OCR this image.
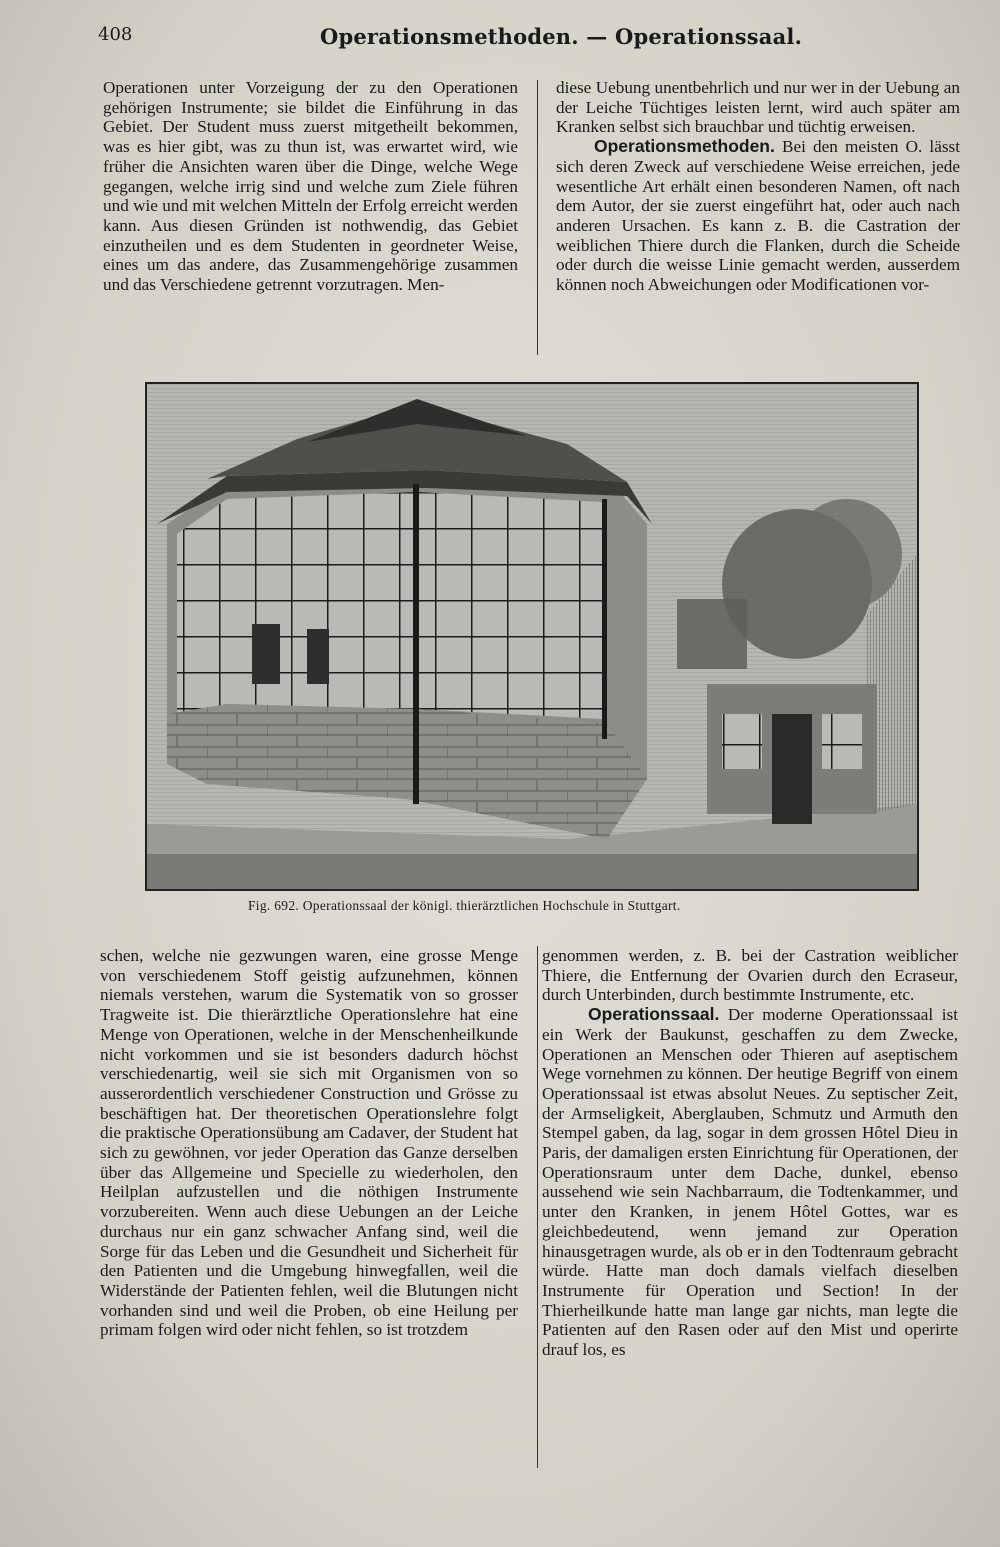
408	Operationsmethoden. — Operationssaal.

Operationen unter Vorzeigung der zu den Operationen gehörigen Instrumente; sie bildet die Einführung in das Gebiet. Der Student muss zuerst mitgetheilt bekommen, was es hier gibt, was zu thun ist, was erwartet wird, wie früher die Ansichten waren über die Dinge, welche Wege gegangen, welche irrig sind und welche zum Ziele führen und wie und mit welchen Mitteln der Erfolg erreicht werden kann. Aus diesen Gründen ist nothwendig, das Gebiet einzutheilen und es dem Studenten in geordneter Weise, eines um das andere, das Zusammengehörige zusammen und das Verschiedene getrennt vorzutragen. Men-

diese Uebung unentbehrlich und nur wer in der Uebung an der Leiche Tüchtiges leisten lernt, wird auch später am Kranken selbst sich brauchbar und tüchtig erweisen.

Operationsmethoden. Bei den meisten O. lässt sich deren Zweck auf verschiedene Weise erreichen, jede wesentliche Art erhält einen besonderen Namen, oft nach dem Autor, der sie zuerst eingeführt hat, oder auch nach anderen Ursachen. Es kann z. B. die Castration der weiblichen Thiere durch die Flanken, durch die Scheide oder durch die weisse Linie gemacht werden, ausserdem können noch Abweichungen oder Modificationen vor-

Fig. 692. Operationssaal der königl. thierärztlichen Hochschule in Stuttgart.

schen, welche nie gezwungen waren, eine grosse Menge von verschiedenem Stoff geistig aufzunehmen, können niemals verstehen, warum die Systematik von so grosser Tragweite ist. Die thierärztliche Operationslehre hat eine Menge von Operationen, welche in der Menschenheilkunde nicht vorkommen und sie ist besonders dadurch höchst verschiedenartig, weil sie sich mit Organismen von so ausserordentlich verschiedener Construction und Grösse zu beschäftigen hat. Der theoretischen Operationslehre folgt die praktische Operationsübung am Cadaver, der Student hat sich zu gewöhnen, vor jeder Operation das Ganze derselben über das Allgemeine und Specielle zu wiederholen, den Heilplan aufzustellen und die nöthigen Instrumente vorzubereiten. Wenn auch diese Uebungen an der Leiche durchaus nur ein ganz schwacher Anfang sind, weil die Sorge für das Leben und die Gesundheit und Sicherheit für den Patienten und die Umgebung hinwegfallen, weil die Widerstände der Patienten fehlen, weil die Blutungen nicht vorhanden sind und weil die Proben, ob eine Heilung per primam folgen wird oder nicht fehlen, so ist trotzdem

genommen werden, z. B. bei der Castration weiblicher Thiere, die Entfernung der Ovarien durch den Ecraseur, durch Unterbinden, durch bestimmte Instrumente, etc.

Operationssaal. Der moderne Operationssaal ist ein Werk der Baukunst, geschaffen zu dem Zwecke, Operationen an Menschen oder Thieren auf aseptischem Wege vornehmen zu können. Der heutige Begriff von einem Operationssaal ist etwas absolut Neues. Zu septischer Zeit, der Armseligkeit, Aberglauben, Schmutz und Armuth den Stempel gaben, da lag, sogar in dem grossen Hôtel Dieu in Paris, der damaligen ersten Einrichtung für Operationen, der Operationsraum unter dem Dache, dunkel, ebenso aussehend wie sein Nachbarraum, die Todtenkammer, und unter den Kranken, in jenem Hôtel Gottes, war es gleichbedeutend, wenn jemand zur Operation hinausgetragen wurde, als ob er in den Todtenraum gebracht würde. Hatte man doch damals vielfach dieselben Instrumente für Operation und Section! In der Thierheilkunde hatte man lange gar nichts, man legte die Patienten auf den Rasen oder auf den Mist und operirte drauf los, es
